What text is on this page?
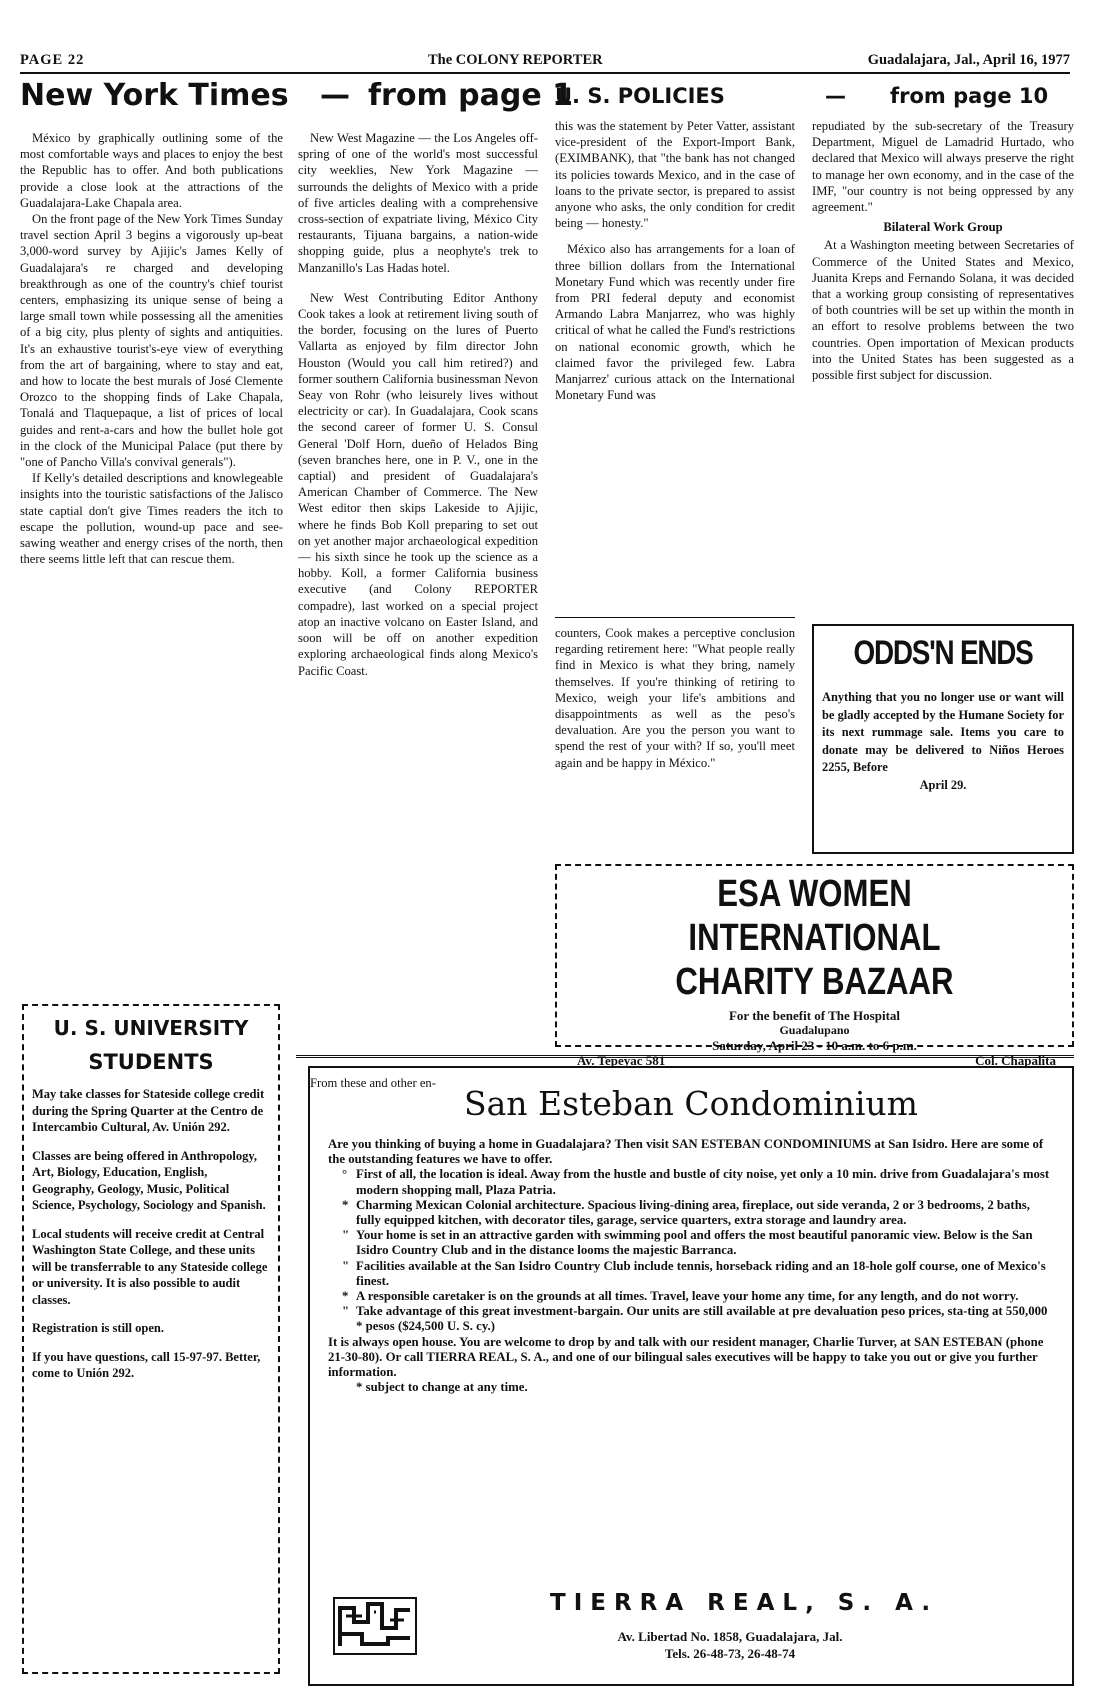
PAGE 22	The COLONY REPORTER	Guadalajara, Jal., April 16, 1977
New York Times — from page 1
U. S. POLICIES	— from page 10

México by graphically outlining some of the most comfortable ways and places to enjoy the best the Republic has to offer. And both publications provide a close look at the attractions of the Guadalajara-Lake Chapala area.

On the front page of the New York Times Sunday travel section April 3 begins a vigorously up-beat 3,000-word survey by Ajijic's James Kelly of Guadalajara's re charged and developing breakthrough as one of the country's chief tourist centers, emphasizing its unique sense of being a large small town while possessing all the amenities of a big city, plus plenty of sights and antiquities. It's an exhaustive tourist's-eye view of everything from the art of bargaining, where to stay and eat, and how to locate the best murals of José Clemente Orozco to the shopping finds of Lake Chapala, Tonalá and Tlaquepaque, a list of prices of local guides and rent-a-cars and how the bullet hole got in the clock of the Municipal Palace (put there by "one of Pancho Villa's convival generals").

If Kelly's detailed descriptions and knowlegeable insights into the touristic satisfactions of the Jalisco state captial don't give Times readers the itch to escape the pollution, wound-up pace and see-sawing weather and energy crises of the north, then there seems little left that can rescue them.

New West Magazine — the Los Angeles off-spring of one of the world's most successful city weeklies, New York Magazine — surrounds the delights of Mexico with a pride of five articles dealing with a comprehensive cross-section of expatriate living, México City restaurants, Tijuana bargains, a nation-wide shopping guide, plus a neophyte's trek to Manzanillo's Las Hadas hotel.

New West Contributing Editor Anthony Cook takes a look at retirement living south of the border, focusing on the lures of Puerto Vallarta as enjoyed by film director John Houston (Would you call him retired?) and former southern California businessman Nevon Seay von Rohr (who leisurely lives without electricity or car). In Guadalajara, Cook scans the second career of former U. S. Consul General 'Dolf Horn, dueño of Helados Bing (seven branches here, one in P. V., one in the captial) and president of Guadalajara's American Chamber of Commerce. The New West editor then skips Lakeside to Ajijic, where he finds Bob Koll preparing to set out on yet another major archaeological expedition — his sixth since he took up the science as a hobby. Koll, a former California business executive (and Colony REPORTER compadre), last worked on a special project atop an inactive volcano on Easter Island, and soon will be off on another expedition exploring archaeological finds along Mexico's Pacific Coast.

From these and other en-

this was the statement by Peter Vatter, assistant vice-president of the Export-Import Bank, (EXIMBANK), that "the bank has not changed its policies towards Mexico, and in the case of loans to the private sector, is prepared to assist anyone who asks, the only condition for credit being — honesty."

México also has arrangements for a loan of three billion dollars from the International Monetary Fund which was recently under fire from PRI federal deputy and economist Armando Labra Manjarrez, who was highly critical of what he called the Fund's restrictions on national economic growth, which he claimed favor the privileged few. Labra Manjarrez' curious attack on the International Monetary Fund was

counters, Cook makes a perceptive conclusion regarding retirement here: "What people really find in Mexico is what they bring, namely themselves. If you're thinking of retiring to Mexico, weigh your life's ambitions and disappointments as well as the peso's devaluation. Are you the person you want to spend the rest of your with? If so, you'll meet again and be happy in México."

repudiated by the sub-secretary of the Treasury Department, Miguel de Lamadrid Hurtado, who declared that Mexico will always preserve the right to manage her own economy, and in the case of the IMF, "our country is not being oppressed by any agreement."

Bilateral Work Group

At a Washington meeting between Secretaries of Commerce of the United States and Mexico, Juanita Kreps and Fernando Solana, it was decided that a working group consisting of representatives of both countries will be set up within the month in an effort to resolve problems between the two countries. Open importation of Mexican products into the United States has been suggested as a possible first subject for discussion.

U. S. UNIVERSITY
STUDENTS
May take classes for Stateside college credit during the Spring Quarter at the Centro de Intercambio Cultural, Av. Unión 292.
Classes are being offered in Anthropology, Art, Biology, Education, English, Geography, Geology, Music, Political Science, Psychology, Sociology and Spanish.
Local students will receive credit at Central Washington State College, and these units will be transferrable to any Stateside college or university. It is also possible to audit classes.
Registration is still open.
If you have questions, call 15-97-97. Better, come to Unión 292.
ODDS'N ENDS
Anything that you no longer use or want will be gladly accepted by the Humane Society for its next rummage sale. Items you care to donate may be delivered to Niños Heroes 2255, Before
April 29.
ESA WOMEN
INTERNATIONAL
CHARITY BAZAAR
For the benefit of The Hospital
Guadalupano
Saturday, April 23 - 10 a.m. to 6 p.m.
Av. Tepeyac 581	Col. Chapalita
San Esteban Condominium

Are you thinking of buying a home in Guadalajara? Then visit SAN ESTEBAN CONDOMINIUMS at San Isidro. Here are some of the outstanding features we have to offer.

° First of all, the location is ideal. Away from the hustle and bustle of city noise, yet only a 10 min. drive from Guadalajara's most modern shopping mall, Plaza Patria.

* Charming Mexican Colonial architecture. Spacious living-dining area, fireplace, out side veranda, 2 or 3 bedrooms, 2 baths, fully equipped kitchen, with decorator tiles, garage, service quarters, extra storage and laundry area.

" Your home is set in an attractive garden with swimming pool and offers the most beautiful panoramic view. Below is the San Isidro Country Club and in the distance looms the majestic Barranca.

" Facilities available at the San Isidro Country Club include tennis, horseback riding and an 18-hole golf course, one of Mexico's finest.

* A responsible caretaker is on the grounds at all times. Travel, leave your home any time, for any length, and do not worry.

" Take advantage of this great investment-bargain. Our units are still available at pre devaluation peso prices, sta-ting at 550,000 * pesos ($24,500 U. S. cy.)

It is always open house. You are welcome to drop by and talk with our resident manager, Charlie Turver, at SAN ESTEBAN (phone 21-30-80). Or call TIERRA REAL, S. A., and one of our bilingual sales executives will be happy to take you out or give you further information.

* subject to change at any time.

TIERRA REAL, S. A.
Av. Libertad No. 1858, Guadalajara, Jal.
Tels. 26-48-73, 26-48-74
